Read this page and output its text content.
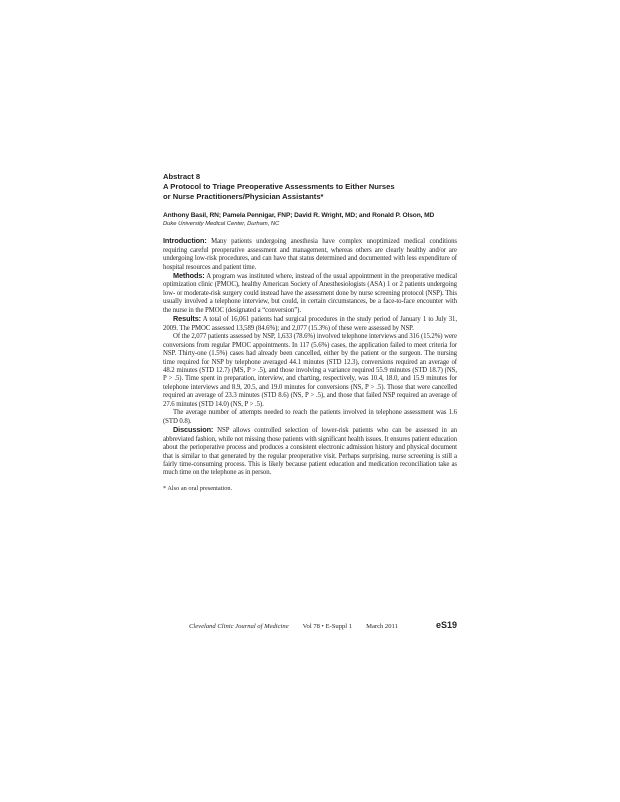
Abstract 8

A Protocol to Triage Preoperative Assessments to Either Nurses
or Nurse Practitioners/Physician Assistants*

Anthony Basil, RN; Pamela Pennigar, FNP; David R. Wright, MD; and Ronald P. Olson, MD

Duke University Medical Center, Durham, NC

Introduction: Many patients undergoing anesthesia have complex unoptimized medical conditions requiring careful preoperative assessment and management, whereas others are clearly healthy and/or are undergoing low-risk procedures, and can have that status determined and documented with less expenditure of hospital resources and patient time.

Methods: A program was instituted where, instead of the usual appointment in the preoperative medical optimization clinic (PMOC), healthy American Society of Anesthesiologists (ASA) 1 or 2 patients undergoing low- or moderate-risk surgery could instead have the assessment done by nurse screening protocol (NSP). This usually involved a telephone interview, but could, in certain circumstances, be a face-to-face encounter with the nurse in the PMOC (designated a “conversion”).

Results: A total of 16,061 patients had surgical procedures in the study period of January 1 to July 31, 2009. The PMOC assessed 13,589 (84.6%); and 2,077 (15.3%) of these were assessed by NSP.

Of the 2,077 patients assessed by NSP, 1,633 (78.6%) involved telephone interviews and 316 (15.2%) were conversions from regular PMOC appointments. In 117 (5.6%) cases, the application failed to meet criteria for NSP. Thirty-one (1.5%) cases had already been cancelled, either by the patient or the surgeon. The nursing time required for NSP by telephone averaged 44.1 minutes (STD 12.3), conversions required an average of 48.2 minutes (STD 12.7) (MS, P > .5), and those involving a variance required 55.9 minutes (STD 18.7) (NS, P > .5). Time spent in preparation, interview, and charting, respectively, was 10.4, 18.0, and 15.9 minutes for telephone interviews and 8.9, 20.5, and 19.0 minutes for conversions (NS, P > .5). Those that were cancelled required an average of 23.3 minutes (STD 8.6) (NS, P > .5), and those that failed NSP required an average of 27.6 minutes (STD 14.0) (NS, P > .5).

The average number of attempts needed to reach the patients involved in telephone assessment was 1.6 (STD 0.8).

Discussion: NSP allows controlled selection of lower-risk patients who can be assessed in an abbreviated fashion, while not missing those patients with significant health issues. It ensures patient education about the perioperative process and produces a consistent electronic admission history and physical document that is similar to that generated by the regular preoperative visit. Perhaps surprising, nurse screening is still a fairly time-consuming process. This is likely because patient education and medication reconciliation take as much time on the telephone as in person.

* Also an oral presentation.

Cleveland Clinic Journal of Medicine Vol 78 • E-Suppl 1 March 2011	eS19
